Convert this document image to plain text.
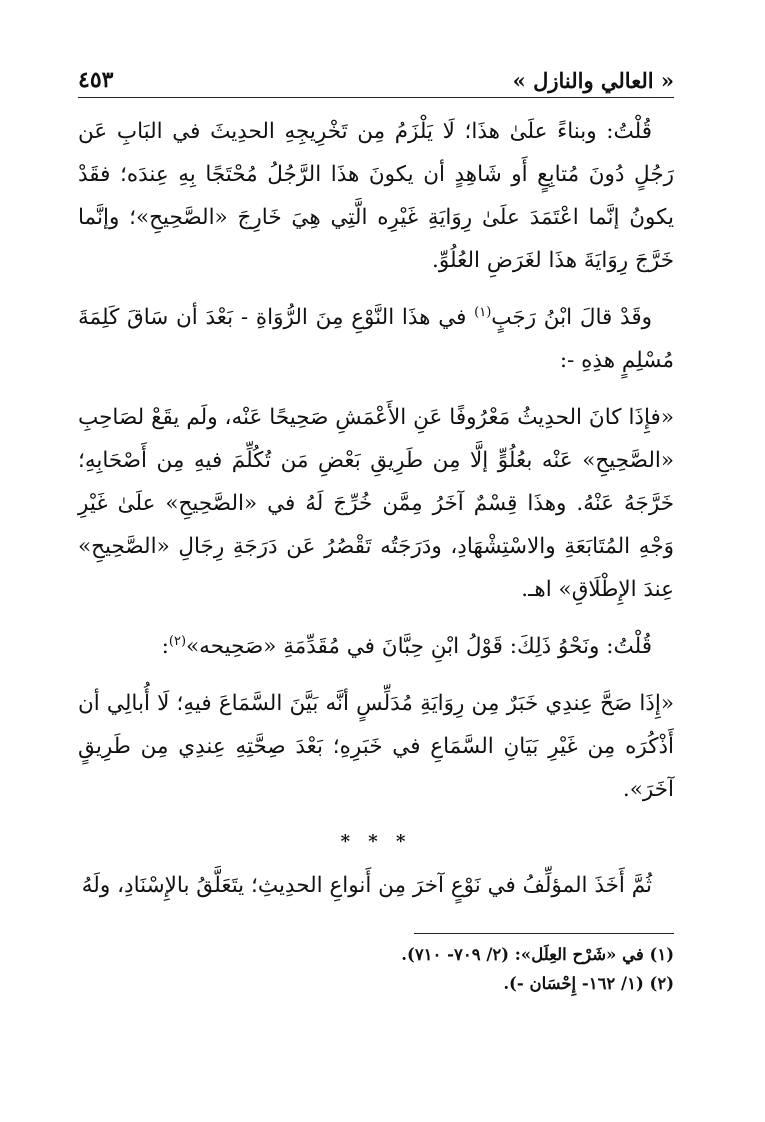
« العالي والنازل »
٤٥٣

قُلْتُ: وبناءً علَىٰ هذَا؛ لَا يَلْزَمُ مِن تَخْرِيجِهِ الحدِيثَ في البَابِ عَن رَجُلٍ دُونَ مُتابِعٍ أَو شَاهِدٍ أن يكونَ هذَا الرَّجُلُ مُحْتَجًا بِهِ عِندَه؛ فقَدْ يكونُ إنَّما اعْتَمَدَ علَىٰ رِوَايَةِ غَيْرِه الَّتِي هِيَ خَارِجَ «الصَّحِيحِ»؛ وإنَّما خَرَّجَ رِوَايَةَ هذَا لغَرَضِ العُلُوِّ.

وقَدْ قالَ ابْنُ رَجَبٍ$^{(١)}$ في هذَا النَّوْعِ مِنَ الرُّوَاةِ - بَعْدَ أن سَاقَ كَلِمَةَ مُسْلِمٍ هذِهِ -:

«فإِذَا كانَ الحدِيثُ مَعْرُوفًا عَنِ الأَعْمَشِ صَحِيحًا عَنْه، ولَم يقَعْ لصَاحِبِ «الصَّحِيحِ» عَنْه بعُلُوٍّ إلَّا مِن طَرِيقِ بَعْضِ مَن تُكُلِّمَ فيهِ مِن أَصْحَابِهِ؛ خَرَّجَهُ عَنْهُ. وهذَا قِسْمٌ آخَرُ مِمَّن خُرِّجَ لَهُ في «الصَّحِيحِ» علَىٰ غَيْرِ وَجْهِ المُتَابَعَةِ والاسْتِشْهَادِ، ودَرَجَتُه تَقْصُرُ عَن دَرَجَةِ رِجَالِ «الصَّحِيحِ» عِندَ الإِطْلَاقِ» اهـ.

قُلْتُ: ونَحْوُ ذَلِكَ: قَوْلُ ابْنِ حِبَّانَ في مُقَدِّمَةِ «صَحِيحه»$^{(٢)}$:

«إِذَا صَحَّ عِندِي خَبَرٌ مِن رِوَايَةِ مُدَلِّسٍ أنَّه بَيَّنَ السَّمَاعَ فيهِ؛ لَا أُبالِي أن أَذْكُرَه مِن غَيْرِ بَيَانِ السَّمَاعِ في خَبَرِهِ؛ بَعْدَ صِحَّتِهِ عِندِي مِن طَرِيقٍ آخَرَ».

* * *

ثُمَّ أَخَذَ المؤلِّفُ في نَوْعٍ آخرَ مِن أَنواعِ الحدِيثِ؛ يتَعَلَّقُ بالإِسْنَادِ، ولَهُ

(١) في «شَرْح العِلَل»: (٢/ ٧٠٩- ٧١٠).
(٢) (١/ ١٦٢- إِحْسَان -).
